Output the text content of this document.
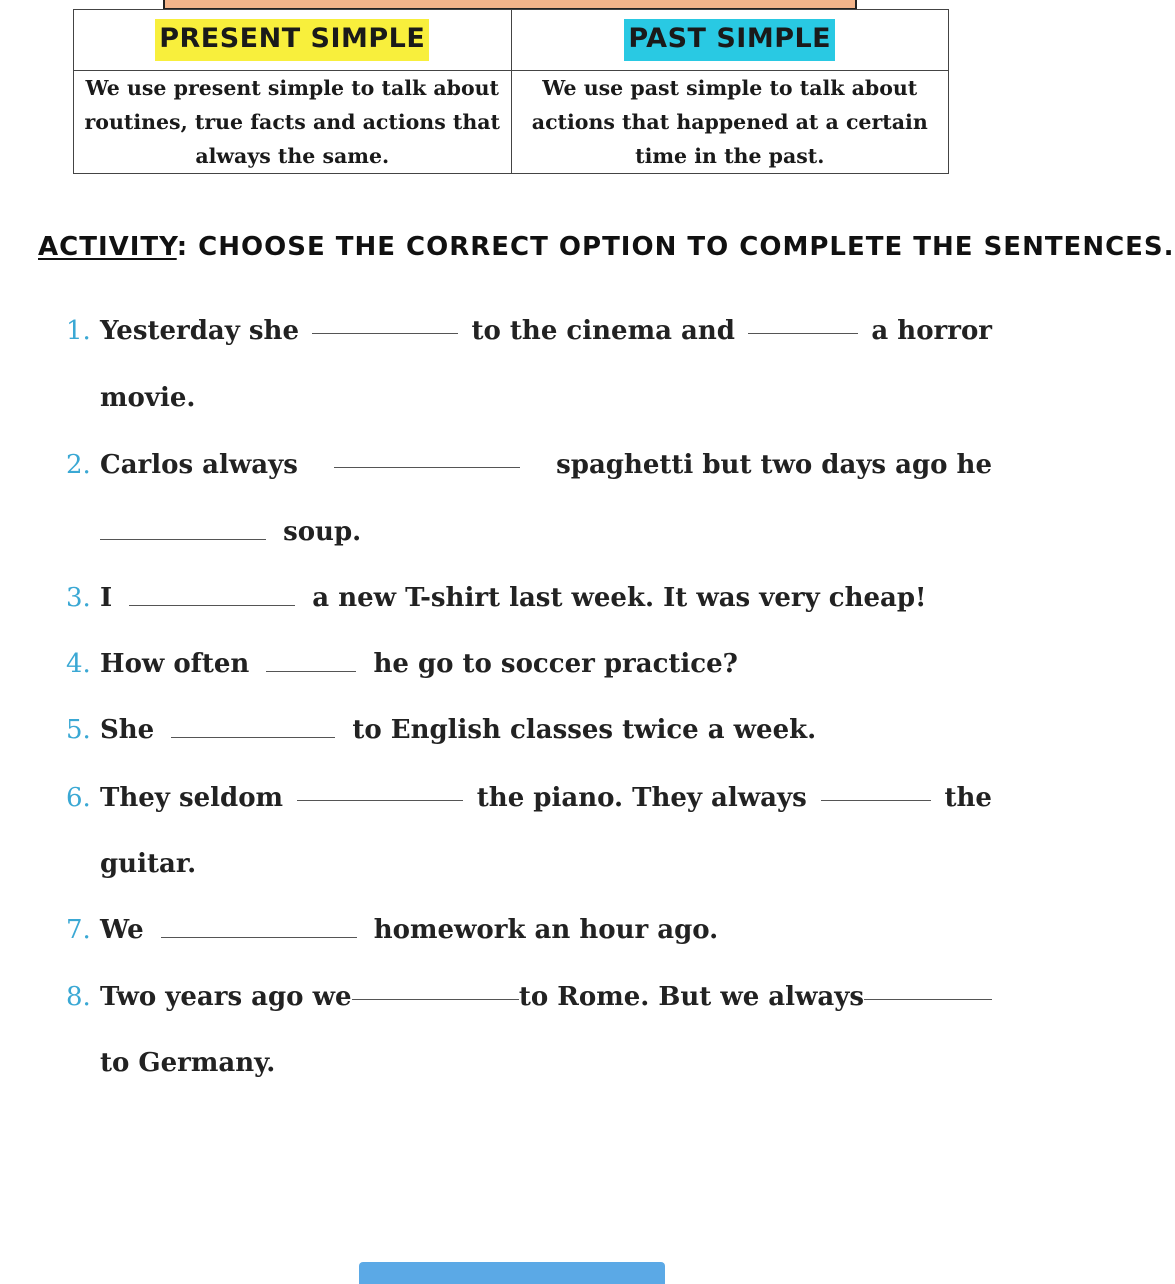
PRESENT SIMPLE	PAST SIMPLE
We use present simple to talk about routines, true facts and actions that always the same.	We use past simple to talk about actions that happened at a certain time in the past.
ACTIVITY: CHOOSE THE CORRECT OPTION TO COMPLETE THE SENTENCES.
1. Yesterday she	to the cinema and	a horror
movie.
2. Carlos always	spaghetti but two days ago he
soup.
3. I	a new T-shirt last week. It was very cheap!
4. How often	he go to soccer practice?
5. She	to English classes twice a week.
6. They seldom	the piano. They always	the
guitar.
7. We	homework an hour ago.
8. Two years ago we	to Rome. But we always
to Germany.
